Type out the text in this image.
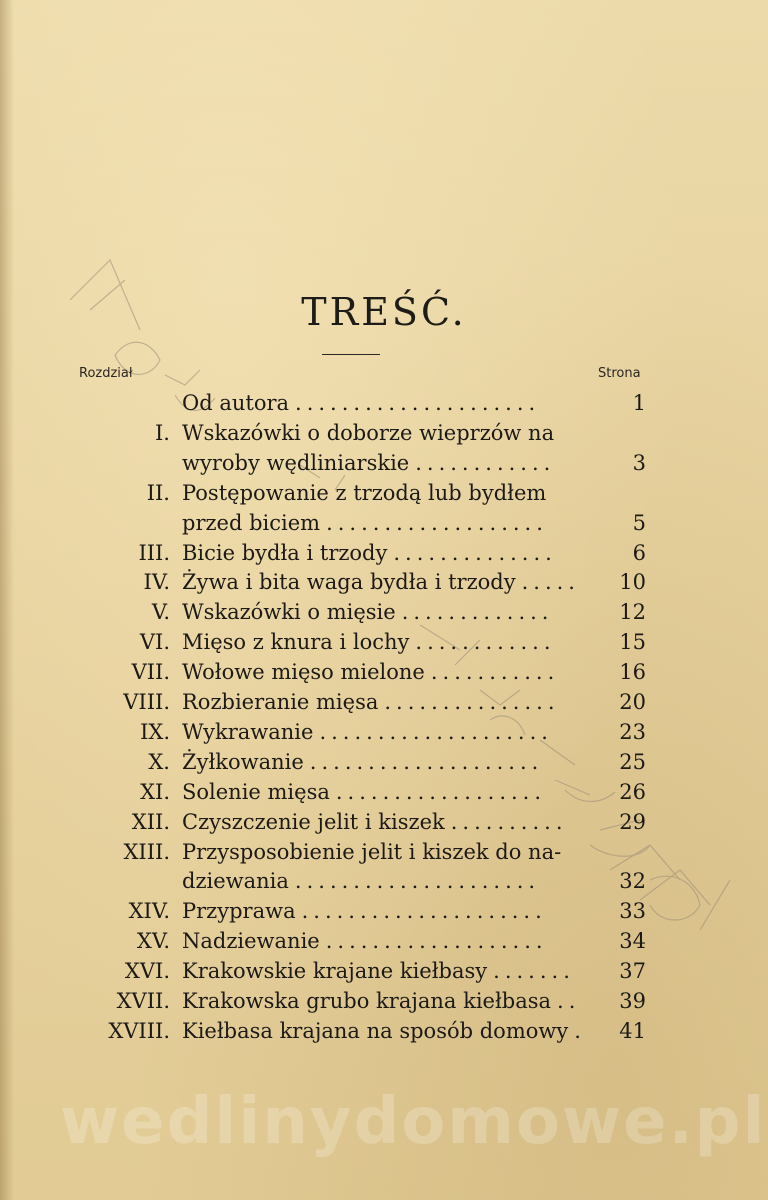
TREŚĆ.
Rozdział	Strona
Od autora .....................	1
I. Wskazówki o doborze wieprzów na
wyroby wędliniarskie ............	3
II. Postępowanie z trzodą lub bydłem
przed biciem ...................	5
III. Bicie bydła i trzody ..............	6
IV. Żywa i bita waga bydła i trzody .....	10
V. Wskazówki o mięsie .............	12
VI. Mięso z knura i lochy ............	15
VII. Wołowe mięso mielone ...........	16
VIII. Rozbieranie mięsa ...............	20
IX. Wykrawanie ....................	23
X. Żyłkowanie ....................	25
XI. Solenie mięsa ..................	26
XII. Czyszczenie jelit i kiszek ..........	29
XIII. Przysposobienie jelit i kiszek do na-
dziewania .....................	32
XIV. Przyprawa .....................	33
XV. Nadziewanie ...................	34
XVI. Krakowskie krajane kiełbasy .......	37
XVII. Krakowska grubo krajana kiełbasa ..	39
XVIII. Kiełbasa krajana na sposób domowy . 41
wedlinydomowe.pl
